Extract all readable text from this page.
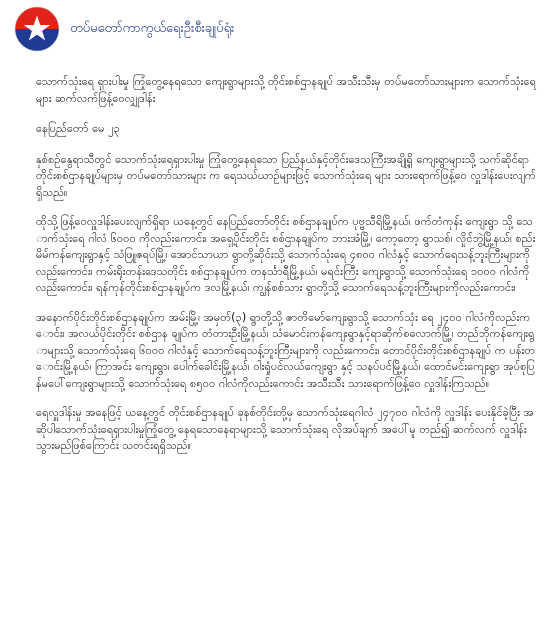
တပ်မတော်ကာကွယ်ရေးဦးစီးချုပ်ရုံး

သောက်သုံးရေ ရှားပါးမှု ကြုံတွေ့နေရသော ကျေးရွာများသို့ တိုင်းစစ်ဌာနချုပ် အသီးသီးမှ တပ်မတော်သားများက သောက်သုံးရေများ ဆက်လက်ဖြန့်ဝေလျှုဒါန်း

နေပြည်တော် မေ ၂၃

နှစ်စဉ်နွေရာသီတွင် သောက်သုံးရေရှားပါးမှု ကြုံတွေ့နေရသော ပြည်နယ်နှင့်တိုင်းဒေသကြီးအချို့ရှိ ကျေးရွာများသို့ သက်ဆိုင်ရာ တိုင်းစစ်ဌာနချုပ်များမှ တပ်မတော်သားများ က ရေသယ်ယာဉ်များဖြင့် သောက်သုံးရေ များ သားရောက်ဖြန့်ဝေ လှူဒါန်းပေးလျက်ရှိသည်။

ထိုသို့ဖြန့်ဝေလှူဒါန်းပေးလျက်ရှိရာ ယနေ့တွင် နေပြည်တော်တိုင်း စစ်ဌာနချုပ်က ပုဗ္ဗသီရိမြို့နယ်၊ ဖက်တံကုန်း ကျေးရွာ သို့ သောက်သုံးရေ ဂါလံ ၆၀၀၀ ကိုလည်းကောင်း၊ အရှေ့ပိုင်းတိုင်း စစ်ဌာနချုပ်က ဘားအံမြို့၊ ကော့တော့ ရွာသစ်၊ လှိုင်ဘွဲ့မြို့နယ်၊ စည်းမိမ်ကန်ကျေးရွာနှင့် သံဖြူဇရပ်မြို့၊ အောင်သာယာ ရွာတို့ဆိုင်းသို့ သောက်သုံးရေ ၄၈၀၀ ဂါလံနှင့် သောက်ရေသန့်ဘူးကြီးများကို လည်းကောင်း၊ ကမ်းရိုးတန်းဒေသတိုင်း စစ်ဌာနချုပ်က တနင်္သာရီမြို့နယ်၊ မရင်းကြီး ကျေးရွာသို့ သောက်သုံးရေ ၁၀၀၀ ဂါလံကို လည်းကောင်း၊ ရန်ကုန်တိုင်းစစ်ဌာနချုပ်က ဒလမြို့နယ်၊ ကျွန်စစ်သား ရွာတို့သို့ သောက်ရေသန့်ဘူးကြီးများကိုလည်းကောင်း၊

အနောက်ပိုင်းတိုင်းစစ်ဌာနချုပ်က အမ်းမြို့၊ အမှတ်(၃) ရွာတို့သို့ ဇာတိမော်ကျေးရွာသို့ သောက်သုံး ရေ ၂၄၀၀ ဂါလံကိုလည်းကောင်း၊ အလယ်ပိုင်းတိုင်း စစ်ဌာန ချုပ်က တံတားဦးမြို့နယ်၊ သံမောင်းကန်ကျေးရွာနှင့်ရာဆိုက်စလောက်မြို့၊ တည်ဘိုကန်ကျေးရွာများသို့ သောက်သုံးရေ ၆၀၀၀ ဂါလံနှင့် သောက်ရေသန့်ဘူးကြီးများကို လည်းကောင်း၊ တောင်ပိုင်းတိုင်းစစ်ဌာနချုပ် က ပန်းတောင်းမြို့နယ်၊ ကြာအင်း ကျေးရွာ၊ ပေါက်ခေါင်းမြို့နယ်၊ ဝါးရှုံပင်လယ်ကျေးရွာ နှင့် သနပ်ပင်မြို့နယ်၊ ထောင်မင်းကျေးရွာ အုပ်စုပြန်မပေါ်ကျေးရွာများသို့ သောက်သုံးရေ ၈၅၀၀ ဂါလံကိုလည်းကောင်း အသီးသီး သားရောက်ဖြန့်ဝေ လှူဒါန်းကြသည်။

ရေလှူဒါန်းမှု အနေဖြင့် ယနေ့တွင် တိုင်းစစ်ဌာနချုပ် ခုနစ်တိုင်းတို့မှ သောက်သုံးရေဂါလံ ၂၄၇၀၀ ဂါလံကို လှူဒါန်း ပေးနိုင်ခဲ့ပြီး အဆိုပါသောက်သုံးရေရှားပါးမှုကြုံတွေ့ နေရသောနေရာများသို့ သောက်သုံးရေ လိုအပ်ချက် အပေါ်မူ တည်၍ ဆက်လက် လှူဒါန်းသွားမည်ဖြစ်ကြောင်း သတင်းရရှိသည်။
